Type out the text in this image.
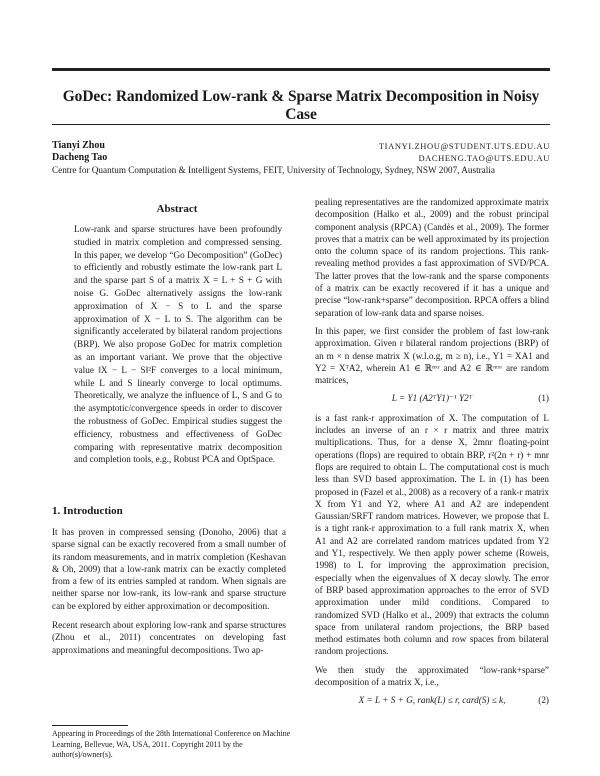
GoDec: Randomized Low-rank & Sparse Matrix Decomposition in Noisy Case
Tianyi Zhou	TIANYI.ZHOU@STUDENT.UTS.EDU.AU
Dacheng Tao	DACHENG.TAO@UTS.EDU.AU
Centre for Quantum Computation & Intelligent Systems, FEIT, University of Technology, Sydney, NSW 2007, Australia
Abstract

Low-rank and sparse structures have been profoundly studied in matrix completion and compressed sensing. In this paper, we develop “Go Decomposition” (GoDec) to efficiently and robustly estimate the low-rank part L and the sparse part S of a matrix X = L + S + G with noise G. GoDec alternatively assigns the low-rank approximation of X − S to L and the sparse approximation of X − L to S. The algorithm can be significantly accelerated by bilateral random projections (BRP). We also propose GoDec for matrix completion as an important variant. We prove that the objective value ‖X − L − S‖²F converges to a local minimum, while L and S linearly converge to local optimums. Theoretically, we analyze the influence of L, S and G to the asymptotic/convergence speeds in order to discover the robustness of GoDec. Empirical studies suggest the efficiency, robustness and effectiveness of GoDec comparing with representative matrix decomposition and completion tools, e.g., Robust PCA and OptSpace.

1. Introduction

It has proven in compressed sensing (Donoho, 2006) that a sparse signal can be exactly recovered from a small number of its random measurements, and in matrix completion (Keshavan & Oh, 2009) that a low-rank matrix can be exactly completed from a few of its entries sampled at random. When signals are neither sparse nor low-rank, its low-rank and sparse structure can be explored by either approximation or decomposition.

Recent research about exploring low-rank and sparse structures (Zhou et al., 2011) concentrates on developing fast approximations and meaningful decompositions. Two ap-

Appearing in Proceedings of the 28th International Conference on Machine Learning, Bellevue, WA, USA, 2011. Copyright 2011 by the author(s)/owner(s).

pealing representatives are the randomized approximate matrix decomposition (Halko et al., 2009) and the robust principal component analysis (RPCA) (Candès et al., 2009). The former proves that a matrix can be well approximated by its projection onto the column space of its random projections. This rank-revealing method provides a fast approximation of SVD/PCA. The latter proves that the low-rank and the sparse components of a matrix can be exactly recovered if it has a unique and precise “low-rank+sparse” decomposition. RPCA offers a blind separation of low-rank data and sparse noises.

In this paper, we first consider the problem of fast low-rank approximation. Given r bilateral random projections (BRP) of an m × n dense matrix X (w.l.o.g, m ≥ n), i.e., Y1 = XA1 and Y2 = XᵀA2, wherein A1 ∈ ℝⁿˣʳ and A2 ∈ ℝᵐˣʳ are random matrices,

L = Y1 (A2ᵀY1)⁻¹ Y2ᵀ	(1)

is a fast rank-r approximation of X. The computation of L includes an inverse of an r × r matrix and three matrix multiplications. Thus, for a dense X, 2mnr floating-point operations (flops) are required to obtain BRP, r²(2n + r) + mnr flops are required to obtain L. The computational cost is much less than SVD based approximation. The L in (1) has been proposed in (Fazel et al., 2008) as a recovery of a rank-r matrix X from Y1 and Y2, where A1 and A2 are independent Gaussian/SRFT random matrices. However, we propose that L is a tight rank-r approximation to a full rank matrix X, when A1 and A2 are correlated random matrices updated from Y2 and Y1, respectively. We then apply power scheme (Roweis, 1998) to L for improving the approximation precision, especially when the eigenvalues of X decay slowly. The error of BRP based approximation approaches to the error of SVD approximation under mild conditions. Compared to randomized SVD (Halko et al., 2009) that extracts the column space from unilateral random projections, the BRP based method estimates both column and row spaces from bilateral random projections.

We then study the approximated “low-rank+sparse” decomposition of a matrix X, i.e.,

X = L + S + G, rank(L) ≤ r, card(S) ≤ k,	(2)
